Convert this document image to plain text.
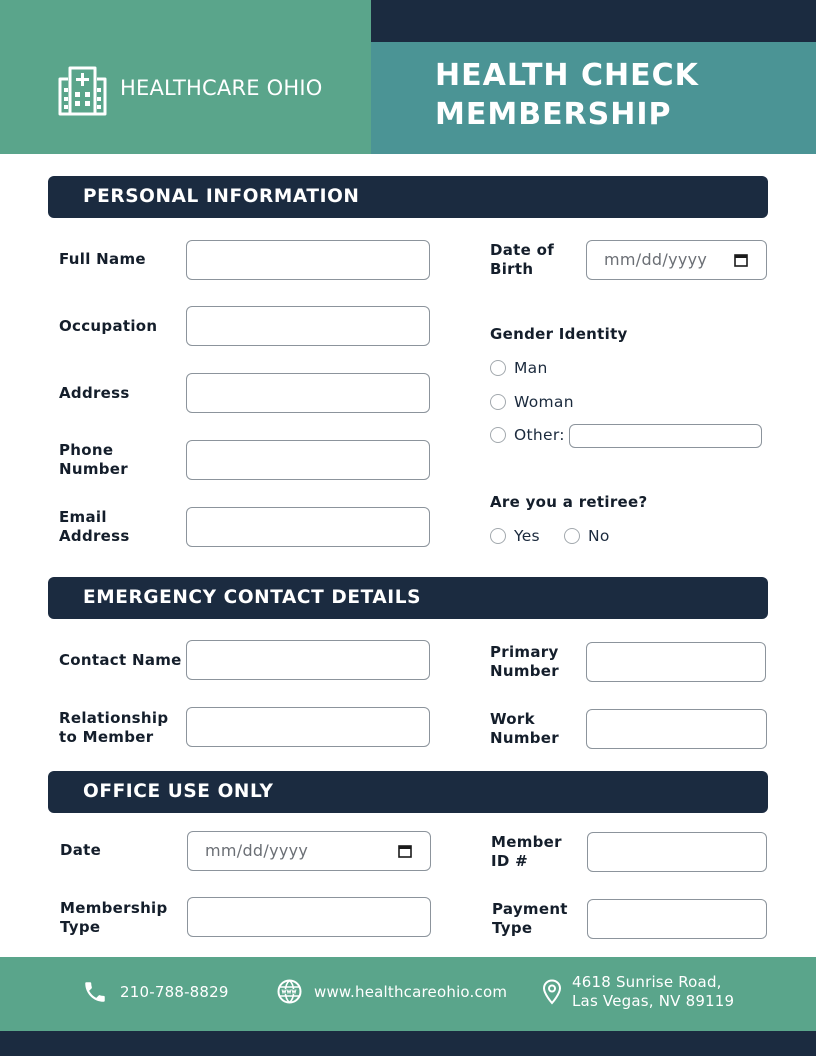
HEALTHCARE OHIO	HEALTH CHECK
MEMBERSHIP
PERSONAL INFORMATION
Full Name
Occupation
Address
Phone
Number
Email
Address
Date of
Birth	mm/dd/yyyy
Gender Identity
Man
Woman
Other:
Are you a retiree?
Yes	No
EMERGENCY CONTACT DETAILS
Contact Name
Relationship
to Member
Primary
Number
Work
Number
OFFICE USE ONLY
Date	mm/dd/yyyy
Membership
Type
Member
ID #
Payment
Type
210-788-8829	www.healthcareohio.com
4618 Sunrise Road,
Las Vegas, NV 89119
